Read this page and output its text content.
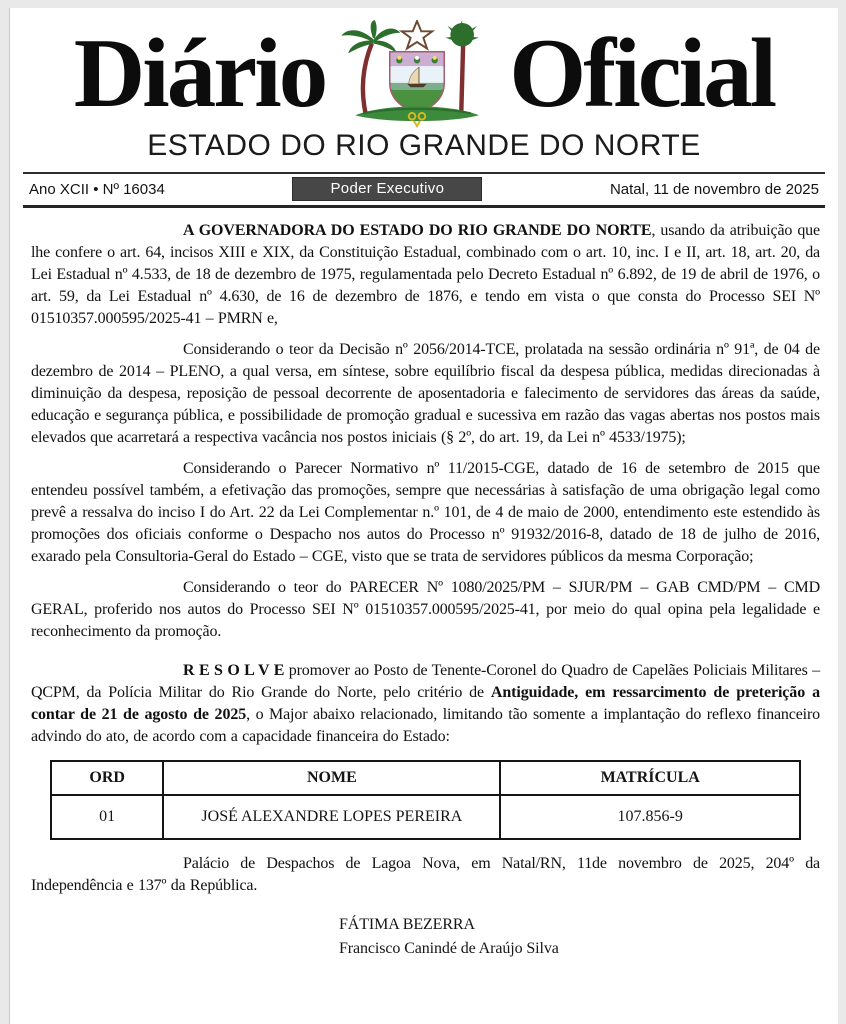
Diário Oficial
ESTADO DO RIO GRANDE DO NORTE
Ano XCII • Nº 16034	Poder Executivo	Natal, 11 de novembro de 2025

A GOVERNADORA DO ESTADO DO RIO GRANDE DO NORTE, usando da atribuição que lhe confere o art. 64, incisos XIII e XIX, da Constituição Estadual, combinado com o art. 10, inc. I e II, art. 18, art. 20, da Lei Estadual nº 4.533, de 18 de dezembro de 1975, regulamentada pelo Decreto Estadual nº 6.892, de 19 de abril de 1976, o art. 59, da Lei Estadual nº 4.630, de 16 de dezembro de 1876, e tendo em vista o que consta do Processo SEI Nº 01510357.000595/2025-41 – PMRN e,

Considerando o teor da Decisão nº 2056/2014-TCE, prolatada na sessão ordinária nº 91ª, de 04 de dezembro de 2014 – PLENO, a qual versa, em síntese, sobre equilíbrio fiscal da despesa pública, medidas direcionadas à diminuição da despesa, reposição de pessoal decorrente de aposentadoria e falecimento de servidores das áreas da saúde, educação e segurança pública, e possibilidade de promoção gradual e sucessiva em razão das vagas abertas nos postos mais elevados que acarretará a respectiva vacância nos postos iniciais (§ 2º, do art. 19, da Lei nº 4533/1975);

Considerando o Parecer Normativo nº 11/2015-CGE, datado de 16 de setembro de 2015 que entendeu possível também, a efetivação das promoções, sempre que necessárias à satisfação de uma obrigação legal como prevê a ressalva do inciso I do Art. 22 da Lei Complementar n.º 101, de 4 de maio de 2000, entendimento este estendido às promoções dos oficiais conforme o Despacho nos autos do Processo nº 91932/2016-8, datado de 18 de julho de 2016, exarado pela Consultoria-Geral do Estado – CGE, visto que se trata de servidores públicos da mesma Corporação;

Considerando o teor do PARECER Nº 1080/2025/PM – SJUR/PM – GAB CMD/PM – CMD GERAL, proferido nos autos do Processo SEI Nº 01510357.000595/2025-41, por meio do qual opina pela legalidade e reconhecimento da promoção.

R E S O L V E promover ao Posto de Tenente-Coronel do Quadro de Capelães Policiais Militares – QCPM, da Polícia Militar do Rio Grande do Norte, pelo critério de Antiguidade, em ressarcimento de preterição a contar de 21 de agosto de 2025, o Major abaixo relacionado, limitando tão somente a implantação do reflexo financeiro advindo do ato, de acordo com a capacidade financeira do Estado:

ORD	NOME	MATRÍCULA
01	JOSÉ ALEXANDRE LOPES PEREIRA	107.856-9

Palácio de Despachos de Lagoa Nova, em Natal/RN, 11de novembro de 2025, 204º da Independência e 137º da República.

FÁTIMA BEZERRA
Francisco Canindé de Araújo Silva
